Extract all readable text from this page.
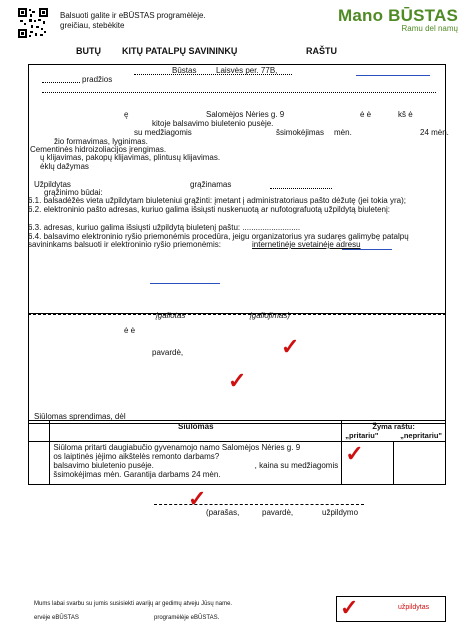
Balsuoti galite ir eBŪSTAS programėlėje.
greičiau, stebėkite
Mano BŪSTAS
Ramu del namų
BUTŲ KITŲ PATALPŲ SAVININKŲ	RAŠTU
Būstas Laisvės per. 77B,
pradžios
ę	Salomėjos Nėries g. 9	ė ė	kš ė
kitoje balsavimo biuletenio pusėje.
su medžiagomis	šsimokėjimas mėn.	24 mėn.
žio formavimas, lyginimas.
Cementinės hidroizoliacijos įrengimas.
ų klijavimas, pakopų klijavimas, plintusų klijavimas.
ėklų dažymas
Užpildytas	grąžinamas
grąžinimo būdai:
6.1. balsadėžės vieta užpildytam biuleteniui grąžinti: įmetant į administratoriaus pašto dėžutę (jei tokia yra);
6.2. elektroninio pašto adresas, kuriuo galima išsiųsti nuskenuotą ar nufotografuotą užpildytą biuletenį:
6.3. adresas, kuriuo galima išsiųsti užpildytą biuletenį paštu: ..........................
6.4. balsavimo elektroninio ryšio priemonėmis procedūra, jeigu organizatorius yra sudaręs galimybę patalpų
savininkams balsuoti ir elektroninio ryšio priemonėmis:	internetinėje svetainėje adresu
įgaliotas	įgaliojimas)
ė ė
✓
pavardė,
✓
Siūlomas sprendimas, dėl
	Siūlomas	Žyma raštu:
„pritariu" „nepritariu"	

	Siūloma pritarti daugiabučio gyvenamojo namo Salomėjos Nėries g. 9
os laiptinės įėjimo aikštelės remonto darbams?
balsavimo biuletenio pusėje. , kaina su medžiagomis
šsimokėjimas mėn. Garantija darbams 24 mėn.	✓	
✓
(parašas,	pavardė,	užpildymo
Mums labai svarbu su jumis susisiekti avarijų ar gedimų atveju Jūsų name.
ervėje eBŪSTAS	programėlėje eBŪSTAS.	✓	užpildytas
